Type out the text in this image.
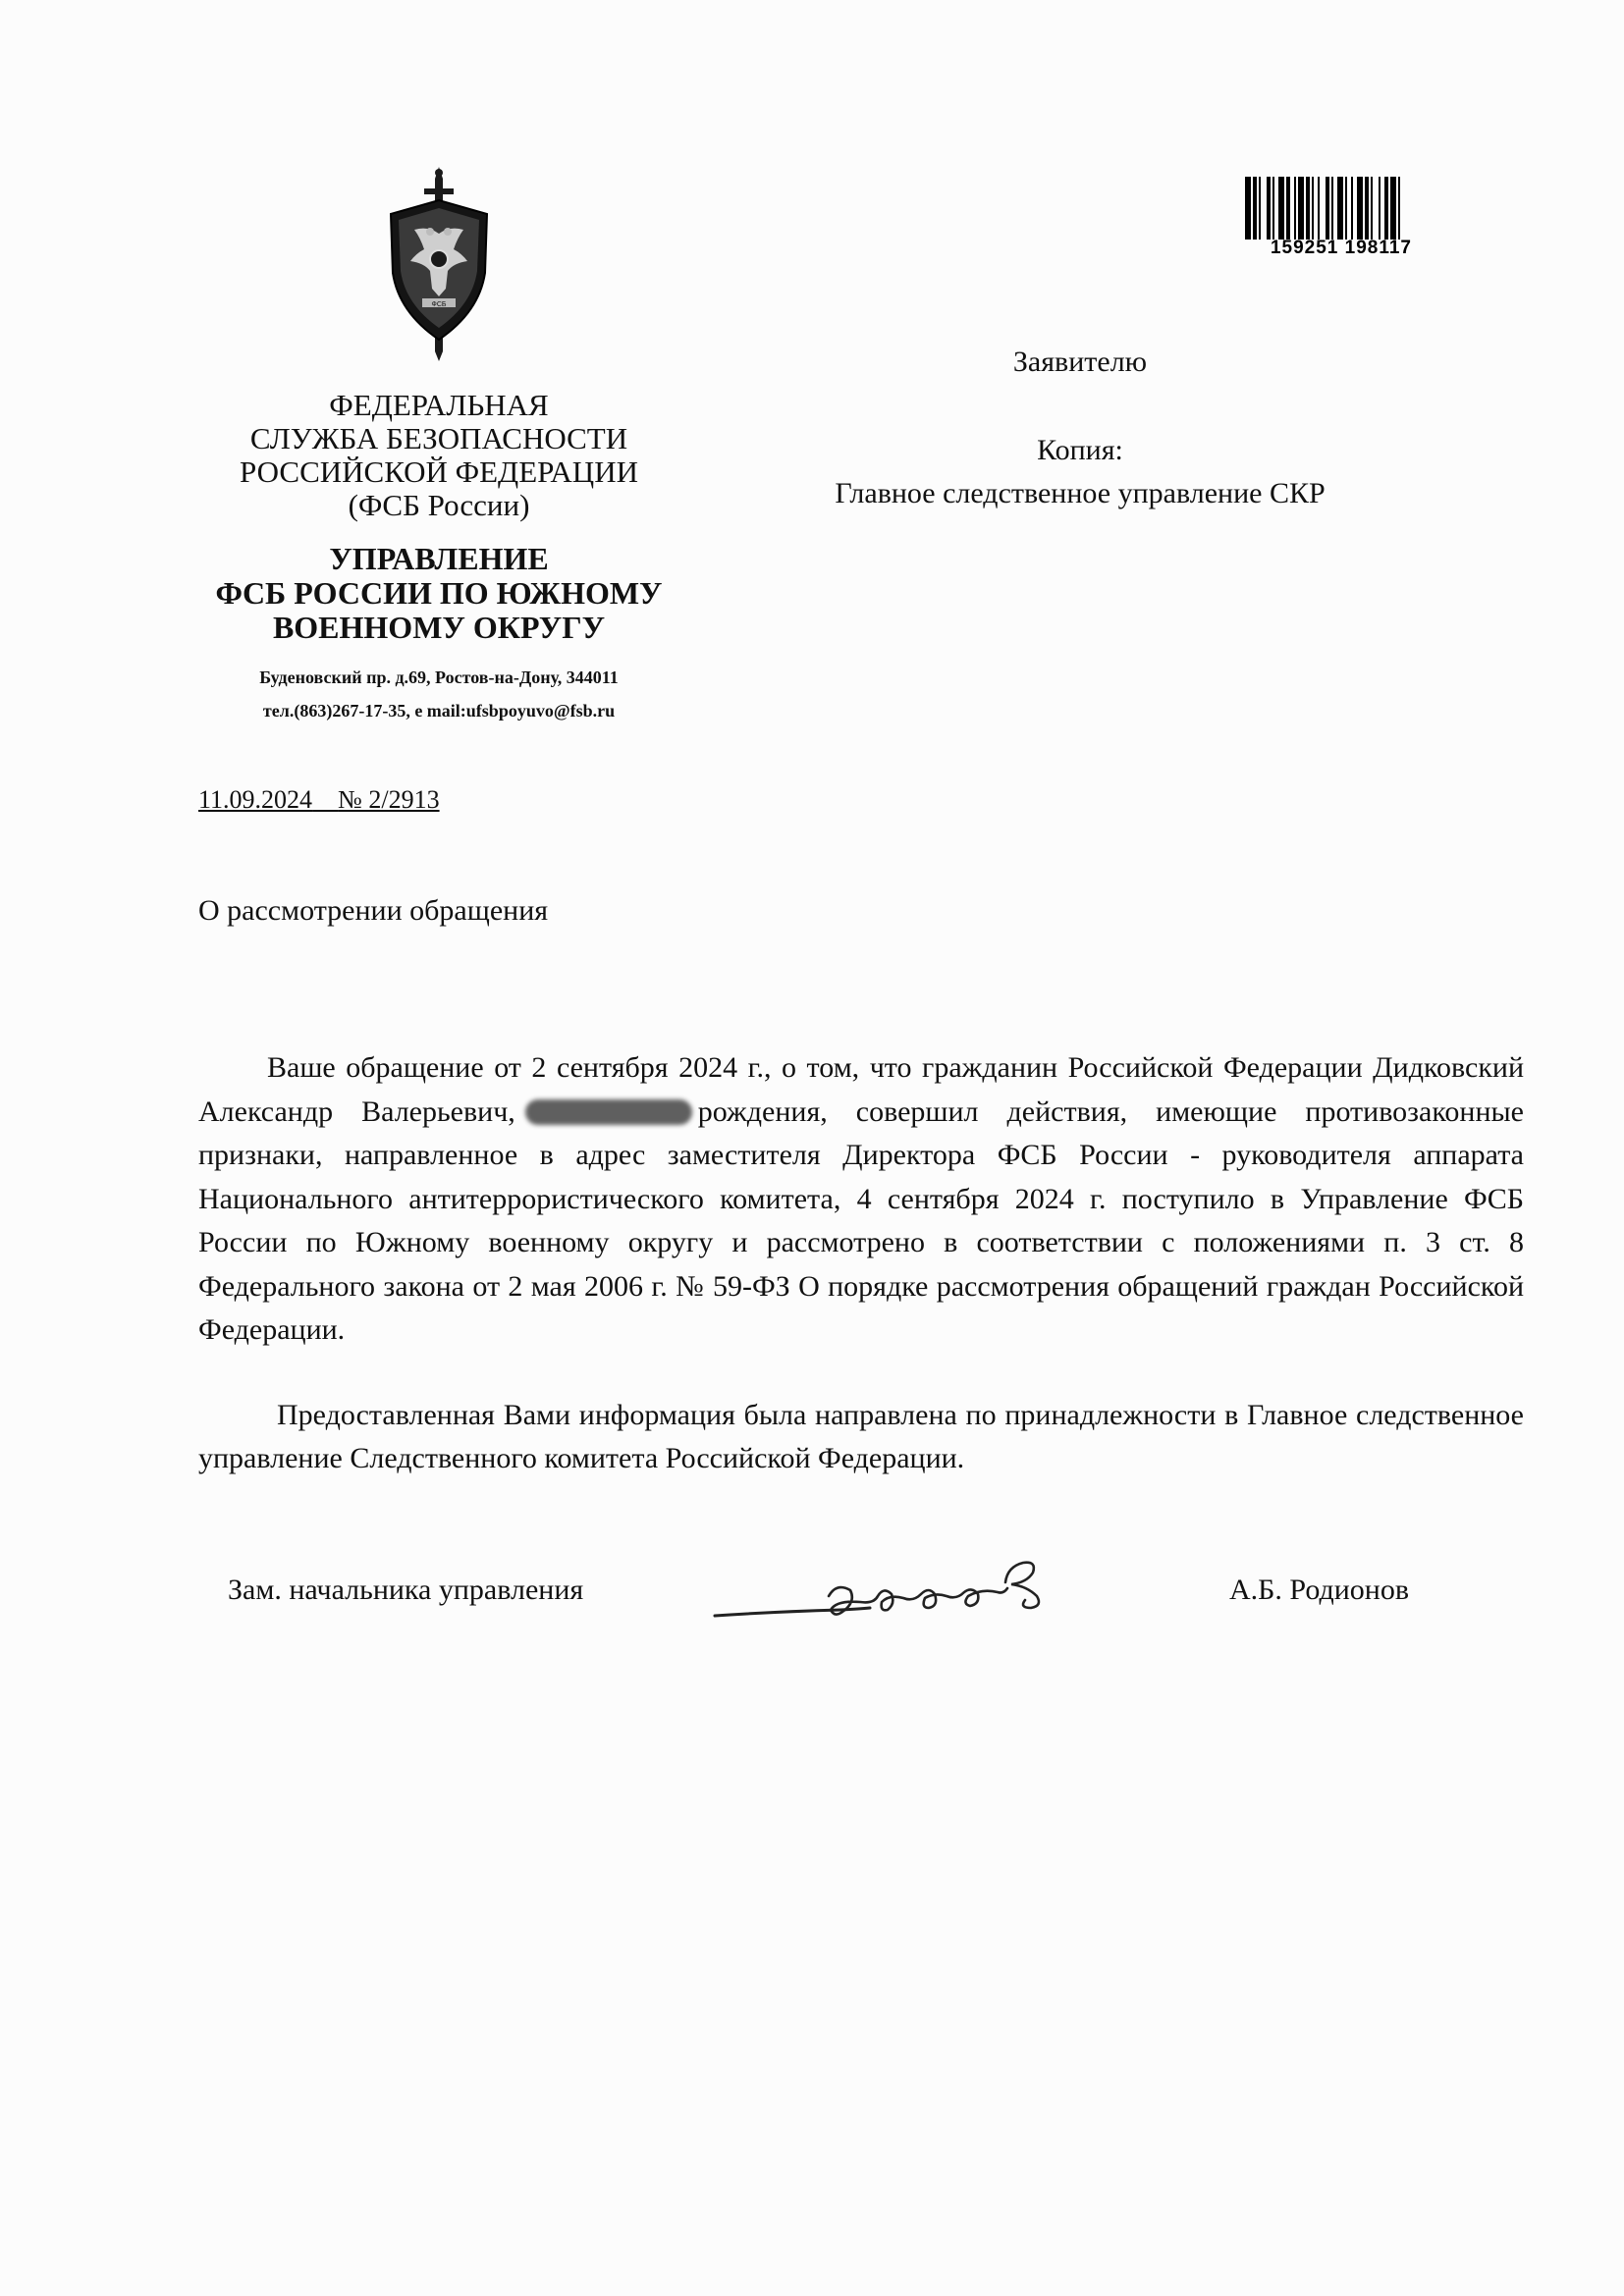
ФСБ
159251 198117
ФЕДЕРАЛЬНАЯ
СЛУЖБА БЕЗОПАСНОСТИ
РОССИЙСКОЙ ФЕДЕРАЦИИ
(ФСБ России)
УПРАВЛЕНИЕ
ФСБ РОССИИ ПО ЮЖНОМУ
ВОЕННОМУ ОКРУГУ
Буденовский пр. д.69, Ростов-на-Дону, 344011
тел.(863)267-17-35, е mail:ufsbpoyuvo@fsb.ru
Заявителю
Копия:
Главное следственное управление СКР
11.09.2024 № 2/2913
О рассмотрении обращения

Ваше обращение от 2 сентября 2024 г., о том, что гражданин Российской Федерации Дидковский Александр Валерьевич,	рождения, совершил действия, имеющие противозаконные признаки, направленное в адрес заместителя Директора ФСБ России - руководителя аппарата Национального антитеррористического комитета, 4 сентября 2024 г. поступило в Управление ФСБ России по Южному военному округу и рассмотрено в соответствии с положениями п. 3 ст. 8 Федерального закона от 2 мая 2006 г. № 59-ФЗ О порядке рассмотрения обращений граждан Российской Федерации.

Предоставленная Вами информация была направлена по принадлежности в Главное следственное управление Следственного комитета Российской Федерации.

Зам. начальника управления	А.Б. Родионов
